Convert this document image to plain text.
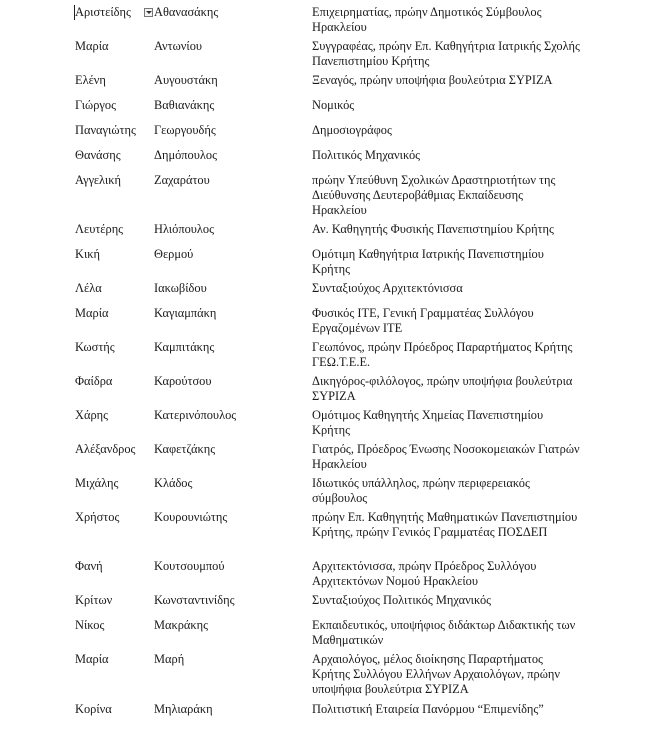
Αριστείδης	Αθανασάκης	Επιχειρηματίας, πρώην Δημοτικός Σύμβουλος Ηρακλείου
Μαρία	Αντωνίου	Συγγραφέας, πρώην Επ. Καθηγήτρια Ιατρικής Σχολής Πανεπιστημίου Κρήτης
Ελένη	Αυγουστάκη	Ξεναγός, πρώην υποψήφια βουλεύτρια ΣΥΡΙΖΑ
Γιώργος	Βαθιανάκης	Νομικός
Παναγιώτης	Γεωργουδής	Δημοσιογράφος
Θανάσης	Δημόπουλος	Πολιτικός Μηχανικός
Αγγελική	Ζαχαράτου	πρώην Υπεύθυνη Σχολικών Δραστηριοτήτων της Διεύθυνσης Δευτεροβάθμιας Εκπαίδευσης Ηρακλείου
Λευτέρης	Ηλιόπουλος	Αν. Καθηγητής Φυσικής Πανεπιστημίου Κρήτης
Κική	Θερμού	Ομότιμη Καθηγήτρια Ιατρικής Πανεπιστημίου Κρήτης
Λέλα	Ιακωβίδου	Συνταξιούχος Αρχιτεκτόνισσα
Μαρία	Καγιαμπάκη	Φυσικός ΙΤΕ, Γενική Γραμματέας Συλλόγου Εργαζομένων ΙΤΕ
Κωστής	Καμπιτάκης	Γεωπόνος, πρώην Πρόεδρος Παραρτήματος Κρήτης ΓΕΩ.Τ.Ε.Ε.
Φαίδρα	Καρούτσου	Δικηγόρος-φιλόλογος, πρώην υποψήφια βουλεύτρια ΣΥΡΙΖΑ
Χάρης	Κατερινόπουλος	Ομότιμος Καθηγητής Χημείας Πανεπιστημίου Κρήτης
Αλέξανδρος	Καφετζάκης	Γιατρός, Πρόεδρος Ένωσης Νοσοκομειακών Γιατρών Ηρακλείου
Μιχάλης	Κλάδος	Ιδιωτικός υπάλληλος, πρώην περιφερειακός σύμβουλος
Χρήστος	Κουρουνιώτης	πρώην Επ. Καθηγητής Μαθηματικών Πανεπιστημίου Κρήτης, πρώην Γενικός Γραμματέας ΠΟΣΔΕΠ
Φανή	Κουτσουμπού	Αρχιτεκτόνισσα, πρώην Πρόεδρος Συλλόγου Αρχιτεκτόνων Νομού Ηρακλείου
Κρίτων	Κωνσταντινίδης	Συνταξιούχος Πολιτικός Μηχανικός
Νίκος	Μακράκης	Εκπαιδευτικός, υποψήφιος διδάκτωρ Διδακτικής των Μαθηματικών
Μαρία	Μαρή	Αρχαιολόγος, μέλος διοίκησης Παραρτήματος Κρήτης Συλλόγου Ελλήνων Αρχαιολόγων, πρώην υποψήφια βουλεύτρια ΣΥΡΙΖΑ
Κορίνα	Μηλιαράκη	Πολιτιστική Εταιρεία Πανόρμου “Επιμενίδης”
